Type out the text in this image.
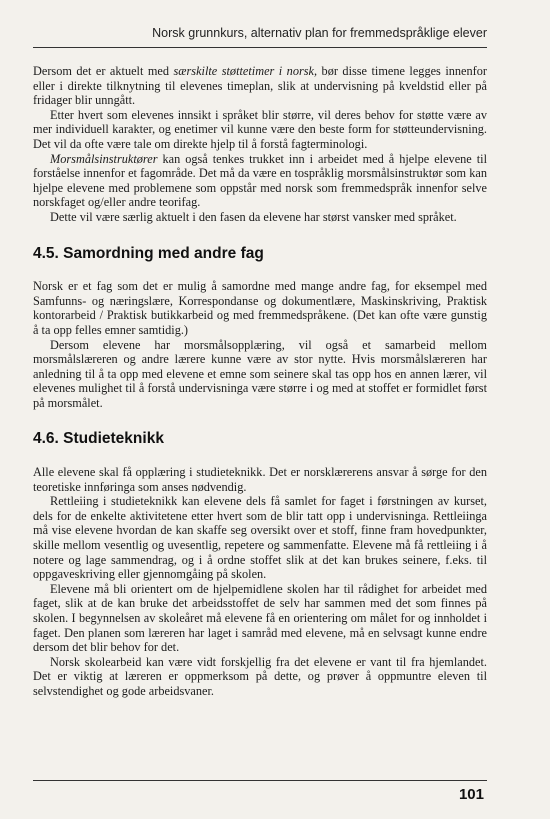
Norsk grunnkurs, alternativ plan for fremmedspråklige elever

Dersom det er aktuelt med særskilte støttetimer i norsk, bør disse timene legges innenfor eller i direkte tilknytning til elevenes timeplan, slik at undervisning på kveldstid eller på fridager blir unngått.

Etter hvert som elevenes innsikt i språket blir større, vil deres behov for støtte være av mer individuell karakter, og enetimer vil kunne være den beste form for støtteundervisning. Det vil da ofte være tale om direkte hjelp til å forstå fagterminologi.

Morsmålsinstruktører kan også tenkes trukket inn i arbeidet med å hjelpe elevene til forståelse innenfor et fagområde. Det må da være en tospråklig morsmålsinstruktør som kan hjelpe elevene med problemene som oppstår med norsk som fremmedspråk innenfor selve norskfaget og/eller andre teorifag.

Dette vil være særlig aktuelt i den fasen da elevene har størst vansker med språket.

4.5. Samordning med andre fag

Norsk er et fag som det er mulig å samordne med mange andre fag, for eksempel med Samfunns- og næringslære, Korrespondanse og dokumentlære, Maskinskriving, Praktisk kontorarbeid / Praktisk butikkarbeid og med fremmedspråkene. (Det kan ofte være gunstig å ta opp felles emner samtidig.)

Dersom elevene har morsmålsopplæring, vil også et samarbeid mellom morsmålslæreren og andre lærere kunne være av stor nytte. Hvis morsmålslæreren har anledning til å ta opp med elevene et emne som seinere skal tas opp hos en annen lærer, vil elevenes mulighet til å forstå undervisninga være større i og med at stoffet er formidlet først på morsmålet.

4.6. Studieteknikk

Alle elevene skal få opplæring i studieteknikk. Det er norsklærerens ansvar å sørge for den teoretiske innføringa som anses nødvendig.

Rettleiing i studieteknikk kan elevene dels få samlet for faget i førstningen av kurset, dels for de enkelte aktivitetene etter hvert som de blir tatt opp i undervisninga. Rettleiinga må vise elevene hvordan de kan skaffe seg oversikt over et stoff, finne fram hovedpunkter, skille mellom vesentlig og uvesentlig, repetere og sammenfatte. Elevene må få rettleiing i å notere og lage sammendrag, og i å ordne stoffet slik at det kan brukes seinere, f.eks. til oppgaveskriving eller gjennomgåing på skolen.

Elevene må bli orientert om de hjelpemidlene skolen har til rådighet for arbeidet med faget, slik at de kan bruke det arbeidsstoffet de selv har sammen med det som finnes på skolen. I begynnelsen av skoleåret må elevene få en orientering om målet for og innholdet i faget. Den planen som læreren har laget i samråd med elevene, må en selvsagt kunne endre dersom det blir behov for det.

Norsk skolearbeid kan være vidt forskjellig fra det elevene er vant til fra hjemlandet. Det er viktig at læreren er oppmerksom på dette, og prøver å oppmuntre eleven til selvstendighet og gode arbeidsvaner.

101
